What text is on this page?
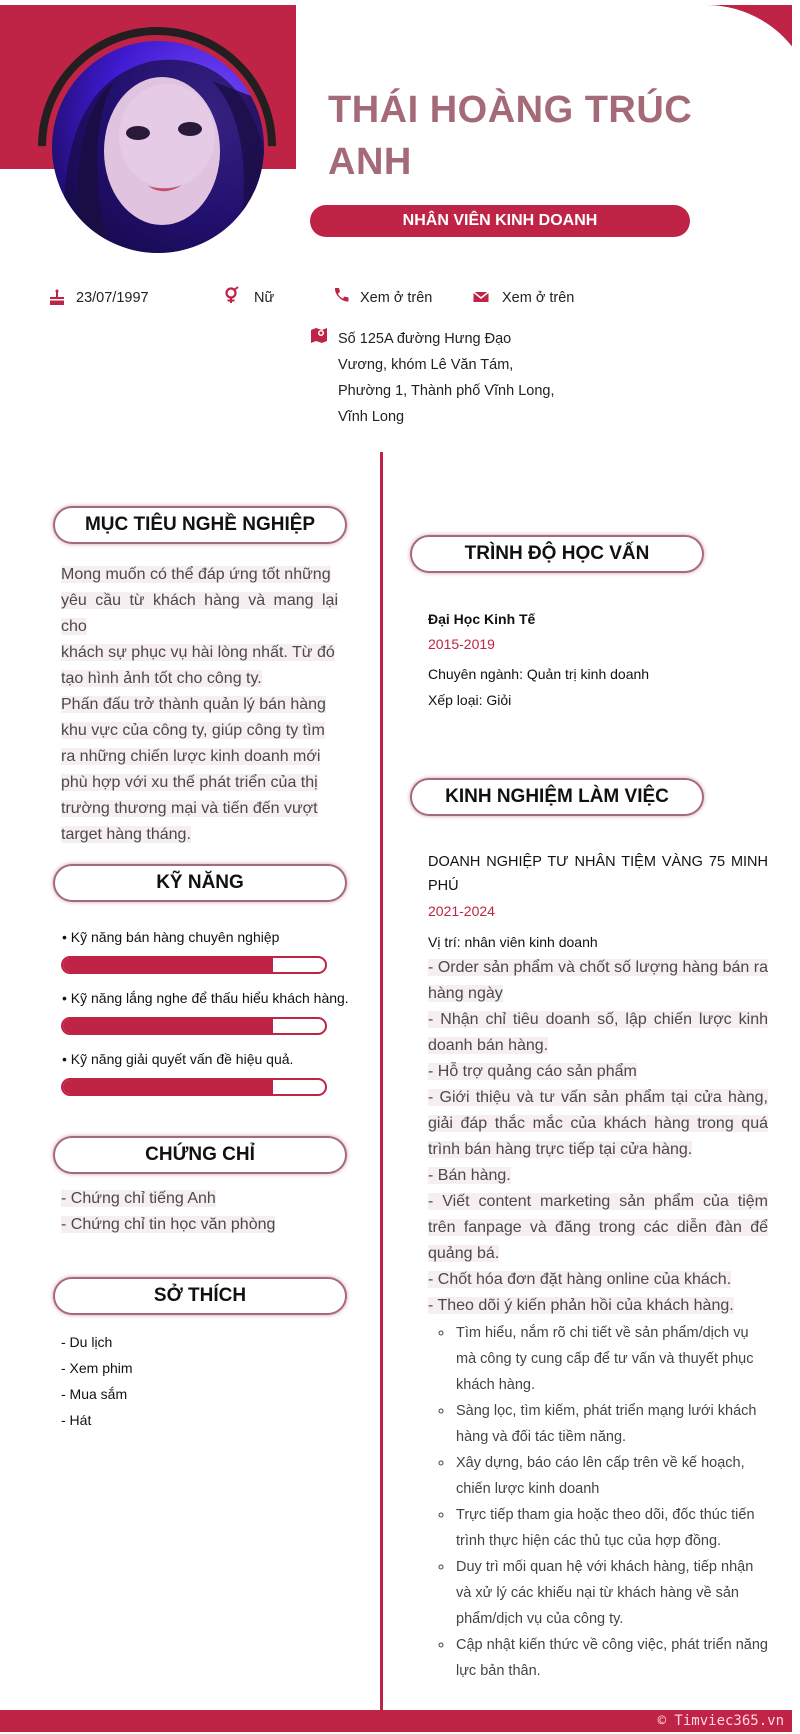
THÁI HOÀNG TRÚC
ANH
NHÂN VIÊN KINH DOANH
23/07/1997	Nữ	Xem ở trên	Xem ở trên
Số 125A đường Hưng Đạo
Vương, khóm Lê Văn Tám,
Phường 1, Thành phố Vĩnh Long,
Vĩnh Long
MỤC TIÊU NGHỀ NGHIỆP
Mong muốn có thể đáp ứng tốt những
yêu cầu từ khách hàng và mang lại cho
khách sự phục vụ hài lòng nhất. Từ đó
tạo hình ảnh tốt cho công ty.
Phấn đấu trở thành quản lý bán hàng
khu vực của công ty, giúp công ty tìm
ra những chiến lược kinh doanh mới
phù hợp với xu thế phát triển của thị
trường thương mại và tiến đến vượt
target hàng tháng.
KỸ NĂNG
• Kỹ năng bán hàng chuyên nghiệp
• Kỹ năng lắng nghe để thấu hiểu khách hàng.
• Kỹ năng giải quyết vấn đề hiệu quả.
CHỨNG CHỈ
- Chứng chỉ tiếng Anh
- Chứng chỉ tin học văn phòng
SỞ THÍCH
- Du lịch
- Xem phim
- Mua sắm
- Hát
TRÌNH ĐỘ HỌC VẤN
Đại Học Kinh Tế
2015-2019
Chuyên ngành: Quản trị kinh doanh
Xếp loại: Giỏi
KINH NGHIỆM LÀM VIỆC
DOANH NGHIỆP TƯ NHÂN TIỆM VÀNG 75 MINH
PHÚ
2021-2024
Vị trí: nhân viên kinh doanh
- Order sản phẩm và chốt số lượng hàng bán ra
hàng ngày
- Nhận chỉ tiêu doanh số, lập chiến lược kinh
doanh bán hàng.
- Hỗ trợ quảng cáo sản phẩm
- Giới thiệu và tư vấn sản phẩm tại cửa hàng,
giải đáp thắc mắc của khách hàng trong quá
trình bán hàng trực tiếp tại cửa hàng.
- Bán hàng.
- Viết content marketing sản phẩm của tiệm
trên fanpage và đăng trong các diễn đàn để
quảng bá.
- Chốt hóa đơn đặt hàng online của khách.
- Theo dõi ý kiến phản hồi của khách hàng.
◦ Tìm hiểu, nắm rõ chi tiết về sản phẩm/dịch vụ mà công ty cung cấp để tư vấn và thuyết phục khách hàng.
◦ Sàng lọc, tìm kiếm, phát triển mạng lưới khách hàng và đối tác tiềm năng.
◦ Xây dựng, báo cáo lên cấp trên về kế hoạch, chiến lược kinh doanh
◦ Trực tiếp tham gia hoặc theo dõi, đốc thúc tiến trình thực hiện các thủ tục của hợp đồng.
◦ Duy trì mối quan hệ với khách hàng, tiếp nhận và xử lý các khiếu nại từ khách hàng về sản phẩm/dịch vụ của công ty.
◦ Cập nhật kiến thức về công việc, phát triển năng lực bản thân.
© Timviec365.vn
